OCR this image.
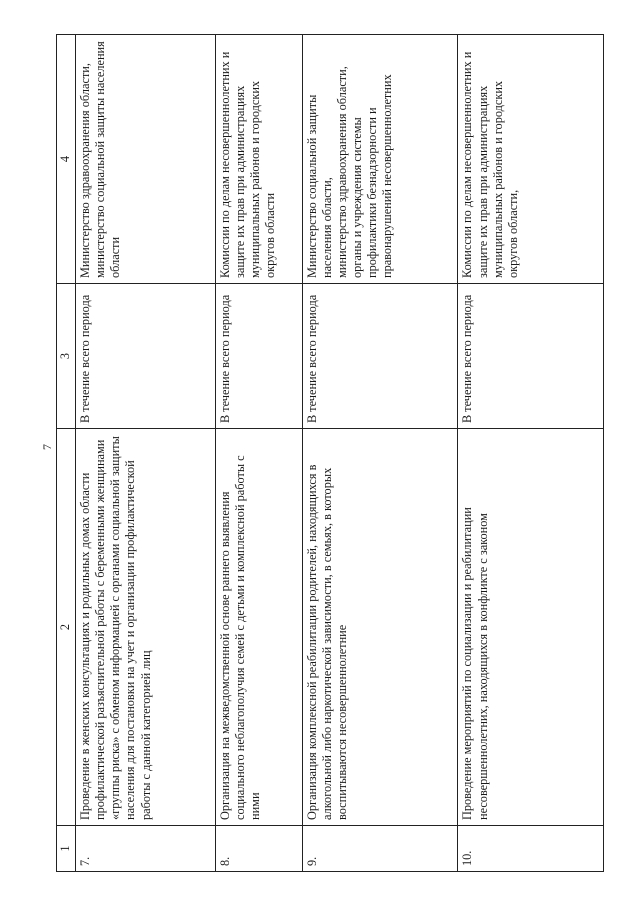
7
1	2	3	4
7.	Проведение в женских консультациях и родильных домах области профилактической разъяснительной работы с беременными женщинами «группы риска» с обменом информацией с органами социальной защиты населения для постановки на учет и организации профилактической работы с данной категорией лиц	В течение всего периода	Министерство здравоохранения области,
министерство социальной защиты населения области
8.	Организация на межведомственной основе раннего выявления социального неблагополучия семей с детьми и комплексной работы с ними	В течение всего периода	Комиссии по делам несовершеннолетних и защите их прав при администрациях муниципальных районов и городских округов области
9.	Организация комплексной реабилитации родителей, находящихся в алкогольной либо наркотической зависимости, в семьях, в которых воспитываются несовершеннолетние	В течение всего периода	Министерство социальной защиты населения области,
министерство здравоохранения области,
органы и учреждения системы профилактики безнадзорности и правонарушений несовершеннолетних
10.	Проведение мероприятий по социализации и реабилитации несовершеннолетних, находящихся в конфликте с законом	В течение всего периода	Комиссии по делам несовершеннолетних и защите их прав при администрациях муниципальных районов и городских округов области,
